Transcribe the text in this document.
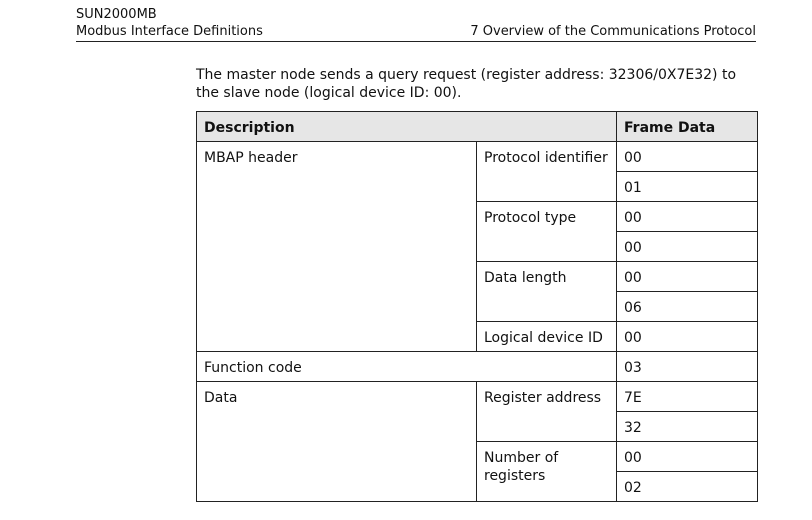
SUN2000MB
Modbus Interface Definitions	7 Overview of the Communications Protocol
The master node sends a query request (register address: 32306/0X7E32) to the slave node (logical device ID: 00).
Description		Frame Data
MBAP header	Protocol identifier	00
		01
	Protocol type	00
		00
	Data length	00
		06
	Logical device ID	00
Function code		03
Data	Register address	7E
		32
	Number of registers	00
		02
